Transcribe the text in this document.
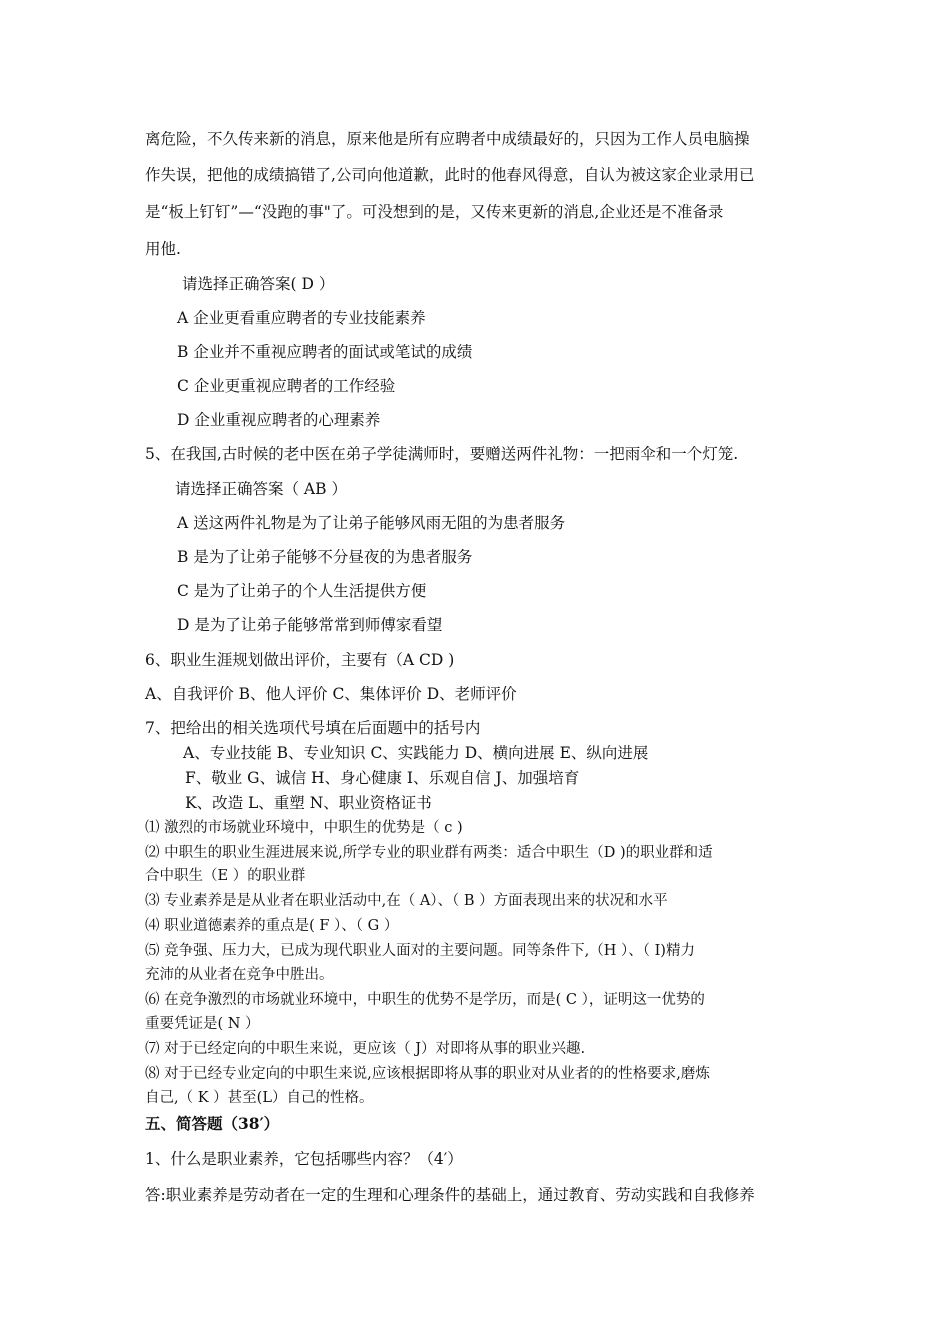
离危险，不久传来新的消息，原来他是所有应聘者中成绩最好的，只因为工作人员电脑操
作失误，把他的成绩搞错了,公司向他道歉，此时的他春风得意，自认为被这家企业录用已
是“板上钉钉”—“没跑的事"了。可没想到的是，又传来更新的消息,企业还是不准备录
用他.
请选择正确答案( D ）
A 企业更看重应聘者的专业技能素养
B 企业并不重视应聘者的面试或笔试的成绩
C 企业更重视应聘者的工作经验
D 企业重视应聘者的心理素养
5、在我国,古时候的老中医在弟子学徒满师时，要赠送两件礼物：一把雨伞和一个灯笼.
请选择正确答案（ AB ）
A 送这两件礼物是为了让弟子能够风雨无阻的为患者服务
B 是为了让弟子能够不分昼夜的为患者服务
C 是为了让弟子的个人生活提供方便
D 是为了让弟子能够常常到师傅家看望
6、职业生涯规划做出评价，主要有（A CD )
A、自我评价 B、他人评价 C、集体评价 D、老师评价
7、把给出的相关选项代号填在后面题中的括号内
A、专业技能 B、专业知识 C、实践能力 D、横向进展 E、纵向进展
F、敬业 G、诚信 H、身心健康 I、乐观自信 J、加强培育
K、改造 L、重塑 N、职业资格证书
⑴ 激烈的市场就业环境中，中职生的优势是（ c )
⑵ 中职生的职业生涯进展来说,所学专业的职业群有两类：适合中职生（D )的职业群和适
合中职生（E ）的职业群
⑶ 专业素养是是从业者在职业活动中,在（ A）、（ B ）方面表现出来的状况和水平
⑷ 职业道德素养的重点是( F ）、（ G ）
⑸ 竞争强、压力大，已成为现代职业人面对的主要问题。同等条件下,（H ）、（ I)精力
充沛的从业者在竞争中胜出。
⑹ 在竞争激烈的市场就业环境中，中职生的优势不是学历，而是( C ），证明这一优势的
重要凭证是( N ）
⑺ 对于已经定向的中职生来说，更应该（ J）对即将从事的职业兴趣.
⑻ 对于已经专业定向的中职生来说,应该根据即将从事的职业对从业者的的性格要求,磨炼
自己,（ K ）甚至(L）自己的性格。
五、简答题（38′）
1、什么是职业素养，它包括哪些内容？（4′）
答:职业素养是劳动者在一定的生理和心理条件的基础上，通过教育、劳动实践和自我修养
